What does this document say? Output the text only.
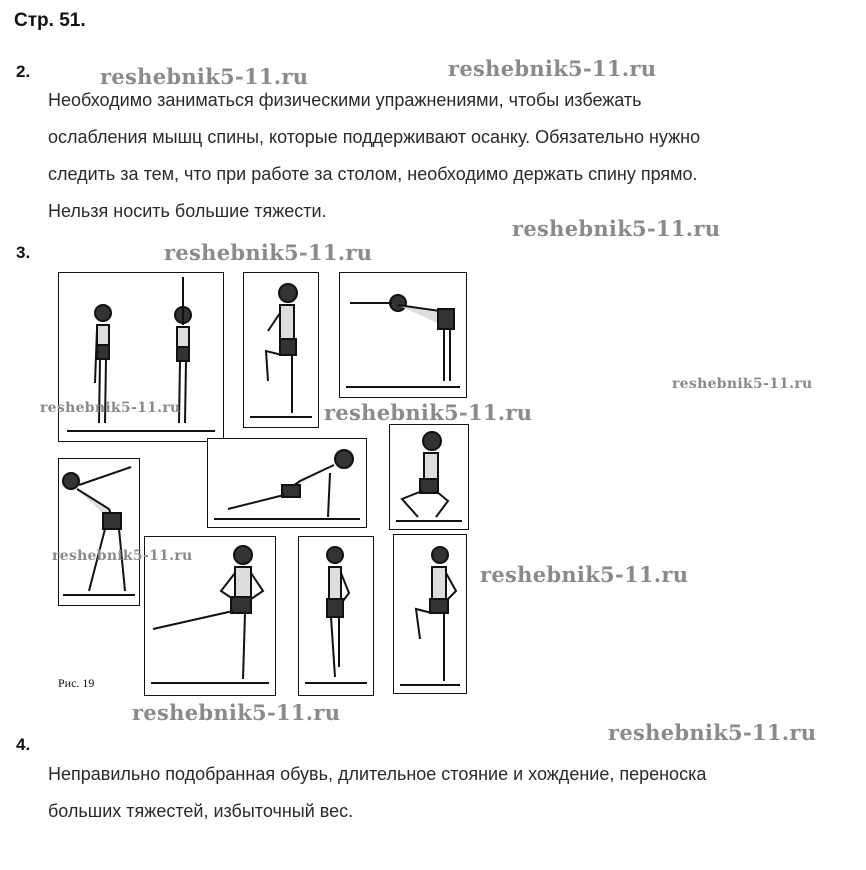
Стр. 51.
2.

Необходимо заниматься физическими упражнениями, чтобы избежать

ослабления мышц спины, которые поддерживают осанку. Обязательно нужно

следить за тем, что при работе за столом, необходимо держать спину прямо.

Нельзя носить большие тяжести.

3.
Рис. 19
4.

Неправильно подобранная обувь, длительное стояние и хождение, переноска

больших тяжестей, избыточный вес.

reshebnik5-11.ru	reshebnik5-11.ru
reshebnik5-11.ru
reshebnik5-11.ru
reshebnik5-11.ru
reshebnik5-11.ru	reshebnik5-11.ru
reshebnik5-11.ru
reshebnik5-11.ru
reshebnik5-11.ru
reshebnik5-11.ru
